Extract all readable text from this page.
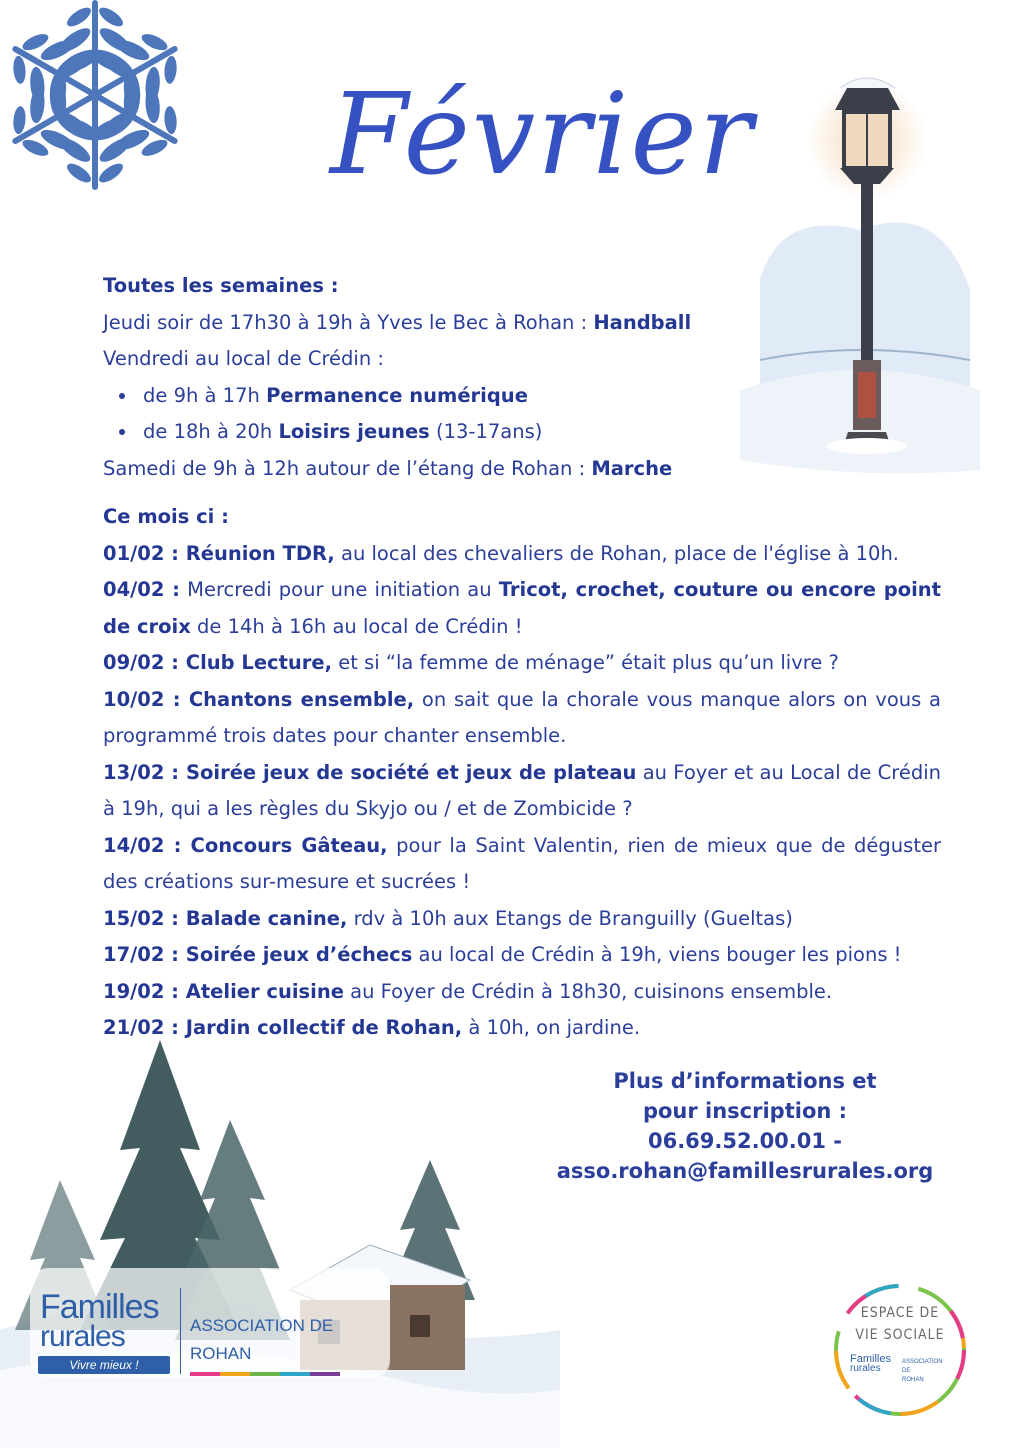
Février

Toutes les semaines :

Jeudi soir de 17h30 à 19h à Yves le Bec à Rohan : Handball

Vendredi au local de Crédin :

de 9h à 17h Permanence numérique
de 18h à 20h Loisirs jeunes (13-17ans)

Samedi de 9h à 12h autour de l’étang de Rohan : Marche

Ce mois ci :

01/02 : Réunion TDR, au local des chevaliers de Rohan, place de l'église à 10h.

04/02 : Mercredi pour une initiation au Tricot, crochet, couture ou encore point de croix de 14h à 16h au local de Crédin !

09/02 : Club Lecture, et si “la femme de ménage” était plus qu’un livre ?

10/02 : Chantons ensemble, on sait que la chorale vous manque alors on vous a programmé trois dates pour chanter ensemble.

13/02 : Soirée jeux de société et jeux de plateau au Foyer et au Local de Crédin à 19h, qui a les règles du Skyjo ou / et de Zombicide ?

14/02 : Concours Gâteau, pour la Saint Valentin, rien de mieux que de déguster des créations sur-mesure et sucrées !

15/02 : Balade canine, rdv à 10h aux Etangs de Branguilly (Gueltas)

17/02 : Soirée jeux d’échecs au local de Crédin à 19h, viens bouger les pions !

19/02 : Atelier cuisine au Foyer de Crédin à 18h30, cuisinons ensemble.

21/02 : Jardin collectif de Rohan, à 10h, on jardine.

Plus d’informations et
pour inscription :
06.69.52.00.01 -
asso.rohan@famillesrurales.org
Familles
rurales
Vivre mieux !
ASSOCIATION DE
ROHAN
ESPACE DE
VIE SOCIALE
Familles
rurales
ASSOCIATION DE
ROHAN
